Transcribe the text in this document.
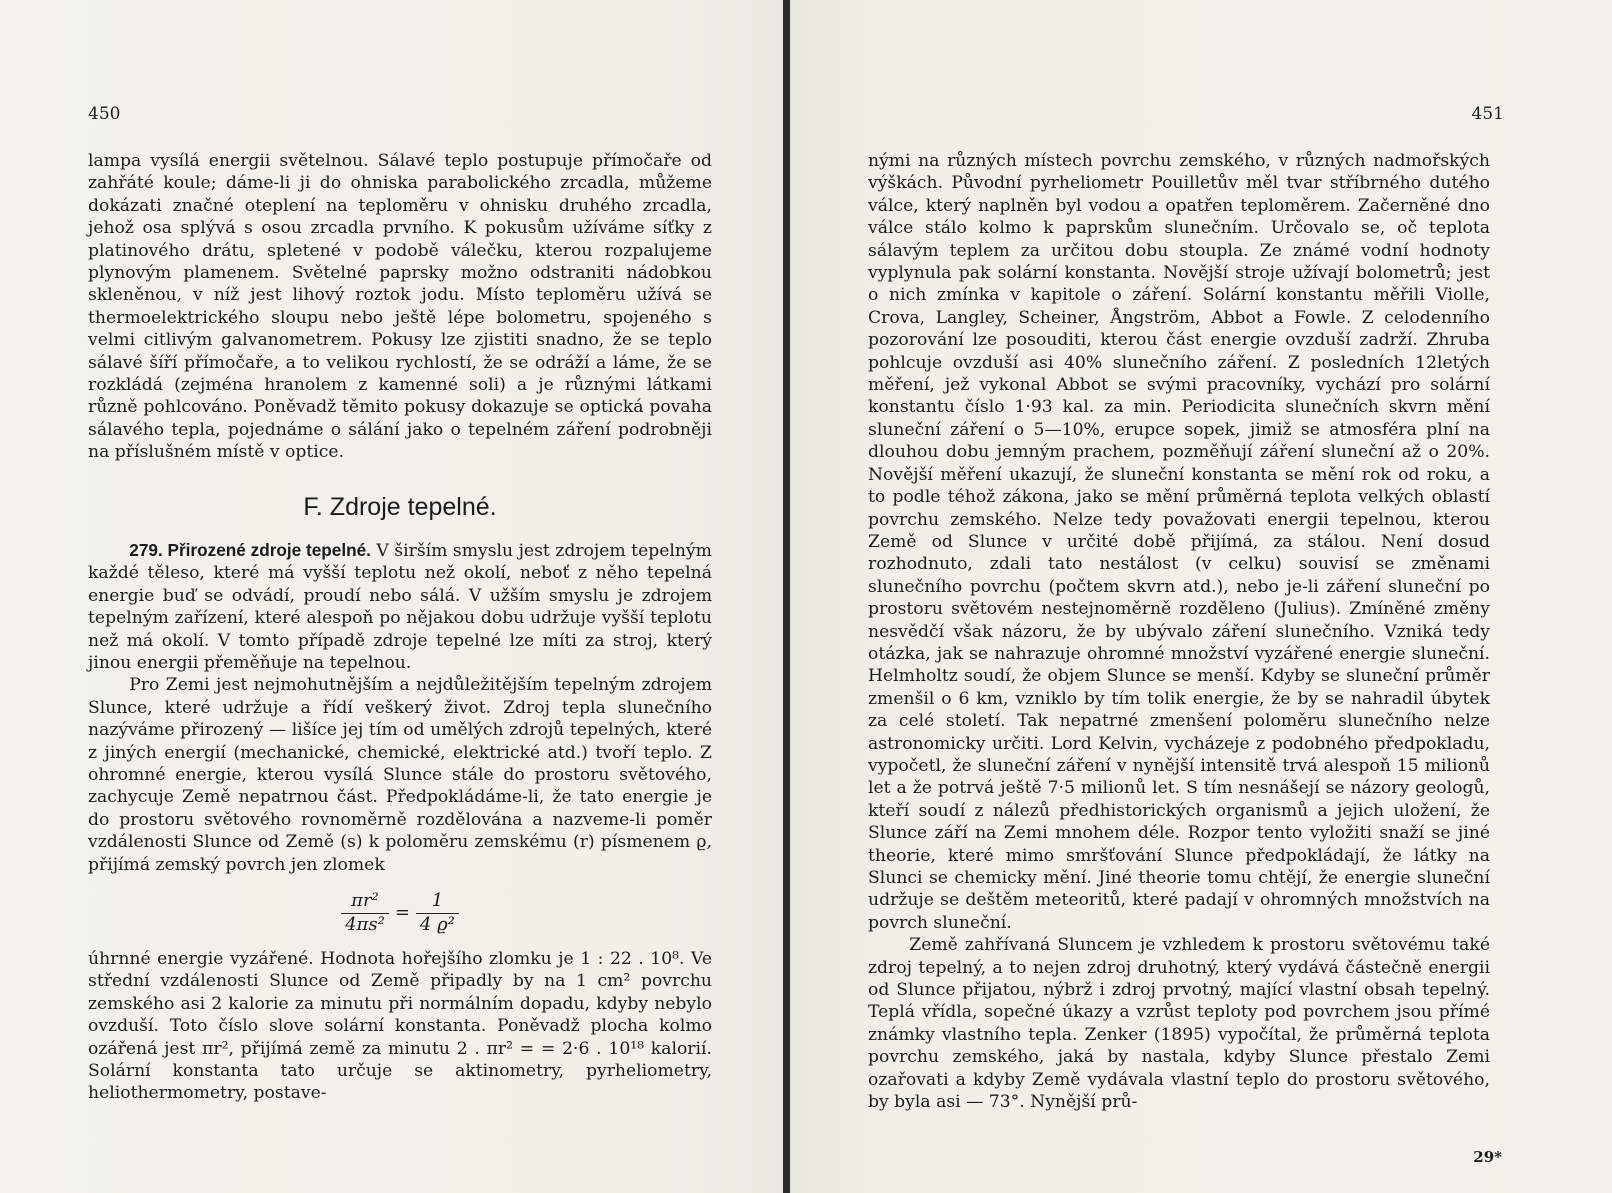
450

lampa vysílá energii světelnou. Sálavé teplo postupuje přímočaře od zahřáté koule; dáme-li ji do ohniska parabolického zrcadla, můžeme dokázati značné oteplení na teploměru v ohnisku druhého zrcadla, jehož osa splývá s osou zrcadla prvního. K pokusům užíváme síťky z platinového drátu, spletené v podobě válečku, kterou rozpalujeme plynovým plamenem. Světelné paprsky možno odstraniti nádobkou skleněnou, v níž jest lihový roztok jodu. Místo teploměru užívá se thermoelektrického sloupu nebo ještě lépe bolometru, spojeného s velmi citlivým galvanometrem. Pokusy lze zjistiti snadno, že se teplo sálavé šíří přímočaře, a to velikou rychlostí, že se odráží a láme, že se rozkládá (zejména hranolem z kamenné soli) a je různými látkami různě pohlcováno. Poněvadž těmito pokusy dokazuje se optická povaha sálavého tepla, pojednáme o sálání jako o tepelném záření podrobněji na příslušném místě v optice.

F. Zdroje tepelné.

279. Přirozené zdroje tepelné. V širším smyslu jest zdrojem tepelným každé těleso, které má vyšší teplotu než okolí, neboť z něho tepelná energie buď se odvádí, proudí nebo sálá. V užším smyslu je zdrojem tepelným zařízení, které alespoň po nějakou dobu udržuje vyšší teplotu než má okolí. V tomto případě zdroje tepelné lze míti za stroj, který jinou energii přeměňuje na tepelnou.

Pro Zemi jest nejmohutnějším a nejdůležitějším tepelným zdrojem Slunce, které udržuje a řídí veškerý život. Zdroj tepla slunečního nazýváme přirozený — lišíce jej tím od umělých zdrojů tepelných, které z jiných energií (mechanické, chemické, elektrické atd.) tvoří teplo. Z ohromné energie, kterou vysílá Slunce stále do prostoru světového, zachycuje Země nepatrnou část. Předpokládáme-li, že tato energie je do prostoru světového rovnoměrně rozdělována a nazveme-li poměr vzdálenosti Slunce od Země (s) k poloměru zemskému (r) písmenem ϱ, přijímá zemský povrch jen zlomek

$\frac{\text{πr²}}{\text{4πs²}} = \frac{1}{\text{4 ϱ²}}$

úhrnné energie vyzářené. Hodnota hořejšího zlomku je 1 : 22 . 10⁸. Ve střední vzdálenosti Slunce od Země připadly by na 1 cm² povrchu zemského asi 2 kalorie za minutu při normálním dopadu, kdyby nebylo ovzduší. Toto číslo slove solární konstanta. Poněvadž plocha kolmo ozářená jest πr², přijímá země za minutu 2 . πr² = = 2·6 . 10¹⁸ kalorií. Solární konstanta tato určuje se aktinometry, pyrheliometry, heliothermometry, postave-

451

nými na různých místech povrchu zemského, v různých nadmořských výškách. Původní pyrheliometr Pouilletův měl tvar stříbrného dutého válce, který naplněn byl vodou a opatřen teploměrem. Začerněné dno válce stálo kolmo k paprskům slunečním. Určovalo se, oč teplota sálavým teplem za určitou dobu stoupla. Ze známé vodní hodnoty vyplynula pak solární konstanta. Novější stroje užívají bolometrů; jest o nich zmínka v kapitole o záření. Solární konstantu měřili Violle, Crova, Langley, Scheiner, Ångström, Abbot a Fowle. Z celodenního pozorování lze posouditi, kterou část energie ovzduší zadrží. Zhruba pohlcuje ovzduší asi 40% slunečního záření. Z posledních 12letých měření, jež vykonal Abbot se svými pracovníky, vychází pro solární konstantu číslo 1·93 kal. za min. Periodicita slunečních skvrn mění sluneční záření o 5—10%, erupce sopek, jimiž se atmosféra plní na dlouhou dobu jemným prachem, pozměňují záření sluneční až o 20%. Novější měření ukazují, že sluneční konstanta se mění rok od roku, a to podle téhož zákona, jako se mění průměrná teplota velkých oblastí povrchu zemského. Nelze tedy považovati energii tepelnou, kterou Země od Slunce v určité době přijímá, za stálou. Není dosud rozhodnuto, zdali tato nestálost (v celku) souvisí se změnami slunečního povrchu (počtem skvrn atd.), nebo je-li záření sluneční po prostoru světovém nestejnoměrně rozděleno (Julius). Zmíněné změny nesvědčí však názoru, že by ubývalo záření slunečního. Vzniká tedy otázka, jak se nahrazuje ohromné množství vyzářené energie sluneční. Helmholtz soudí, že objem Slunce se menší. Kdyby se sluneční průměr zmenšil o 6 km, vzniklo by tím tolik energie, že by se nahradil úbytek za celé století. Tak nepatrné zmenšení poloměru slunečního nelze astronomicky určiti. Lord Kelvin, vycházeje z podobného předpokladu, vypočetl, že sluneční záření v nynější intensitě trvá alespoň 15 milionů let a že potrvá ještě 7·5 milionů let. S tím nesnášejí se názory geologů, kteří soudí z nálezů předhistorických organismů a jejich uložení, že Slunce září na Zemi mnohem déle. Rozpor tento vyložiti snaží se jiné theorie, které mimo smršťování Slunce předpokládají, že látky na Slunci se chemicky mění. Jiné theorie tomu chtějí, že energie sluneční udržuje se deštěm meteoritů, které padají v ohromných množstvích na povrch sluneční.

Země zahřívaná Sluncem je vzhledem k prostoru světovému také zdroj tepelný, a to nejen zdroj druhotný, který vydává částečně energii od Slunce přijatou, nýbrž i zdroj prvotný, mající vlastní obsah tepelný. Teplá vřídla, sopečné úkazy a vzrůst teploty pod povrchem jsou přímé známky vlastního tepla. Zenker (1895) vypočítal, že průměrná teplota povrchu zemského, jaká by nastala, kdyby Slunce přestalo Zemi ozařovati a kdyby Země vydávala vlastní teplo do prostoru světového, by byla asi — 73°. Nynější prů-

29*
